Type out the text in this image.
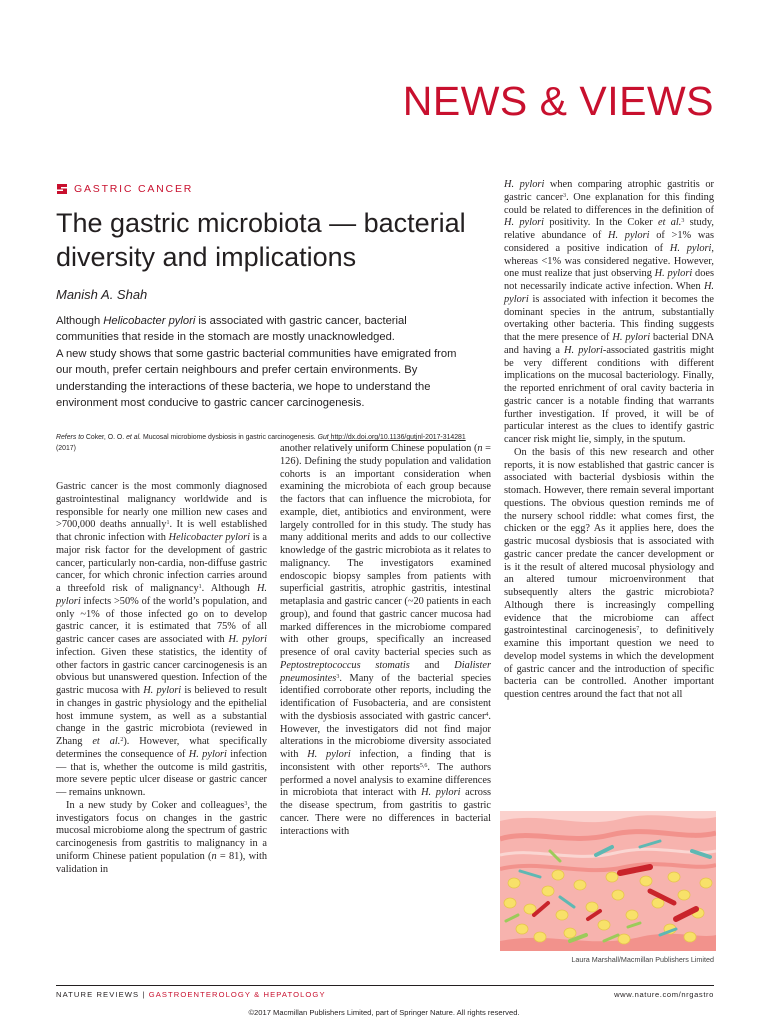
NEWS & VIEWS
GASTRIC CANCER
The gastric microbiota — bacterial diversity and implications
Manish A. Shah

Although Helicobacter pylori is associated with gastric cancer, bacterial communities that reside in the stomach are mostly unacknowledged.

A new study shows that some gastric bacterial communities have emigrated from our mouth, prefer certain neighbours and prefer certain environments. By understanding the interactions of these bacteria, we hope to understand the environment most conducive to gastric cancer carcinogenesis.

Refers to Coker, O. O. et al. Mucosal microbiome dysbiosis in gastric carcinogenesis. Gut http://dx.doi.org/10.1136/gutjnl-2017-314281 (2017)

Gastric cancer is the most commonly diagnosed gastrointestinal malignancy worldwide and is responsible for nearly one million new cases and >700,000 deaths annually$^1$. It is well established that chronic infection with Helicobacter pylori is a major risk factor for the development of gastric cancer, particularly non-cardia, non-diffuse gastric cancer, for which chronic infection carries around a threefold risk of malignancy$^1$. Although H. pylori infects >50% of the world’s population, and only ~1% of those infected go on to develop gastric cancer, it is estimated that 75% of all gastric cancer cases are associated with H. pylori infection. Given these statistics, the identity of other factors in gastric cancer carcinogenesis is an obvious but unanswered question. Infection of the gastric mucosa with H. pylori is believed to result in changes in gastric physiology and the epithelial host immune system, as well as a substantial change in the gastric microbiota (reviewed in Zhang et al.$^2$). However, what specifically determines the consequence of H. pylori infection — that is, whether the outcome is mild gastritis, more severe peptic ulcer disease or gastric cancer — remains unknown.

In a new study by Coker and colleagues$^3$, the investigators focus on changes in the gastric mucosal microbiome along the spectrum of gastric carcinogenesis from gastritis to malignancy in a uniform Chinese patient population (n = 81), with validation in

another relatively uniform Chinese population (n = 126). Defining the study population and validation cohorts is an important consideration when examining the microbiota of each group because the factors that can influence the microbiota, for example, diet, antibiotics and environment, were largely controlled for in this study. The study has many additional merits and adds to our collective knowledge of the gastric microbiota as it relates to malignancy. The investigators examined endoscopic biopsy samples from patients with superficial gastritis, atrophic gastritis, intestinal metaplasia and gastric cancer (~20 patients in each group), and found that gastric cancer mucosa had marked differences in the microbiome compared with other groups, specifically an increased presence of oral cavity bacterial species such as Peptostreptococcus stomatis and Dialister pneumosintes$^3$. Many of the bacterial species identified corroborate other reports, including the identification of Fusobacteria, and are consistent with the dysbiosis associated with gastric cancer$^4$. However, the investigators did not find major alterations in the microbiome diversity associated with H. pylori infection, a finding that is inconsistent with other reports$^{5,6}$. The authors performed a novel analysis to examine differences in microbiota that interact with H. pylori across the disease spectrum, from gastritis to gastric cancer. There were no differences in bacterial interactions with

H. pylori when comparing atrophic gastritis or gastric cancer$^3$. One explanation for this finding could be related to differences in the definition of H. pylori positivity. In the Coker et al.$^3$ study, relative abundance of H. pylori of >1% was considered a positive indication of H. pylori, whereas <1% was considered negative. However, one must realize that just observing H. pylori does not necessarily indicate active infection. When H. pylori is associated with infection it becomes the dominant species in the antrum, substantially overtaking other bacteria. This finding suggests that the mere presence of H. pylori bacterial DNA and having a H. pylori-associated gastritis might be very different conditions with different implications on the mucosal bacteriology. Finally, the reported enrichment of oral cavity bacteria in gastric cancer is a notable finding that warrants further investigation. If proved, it will be of particular interest as the clues to identify gastric cancer risk might lie, simply, in the sputum.

On the basis of this new research and other reports, it is now established that gastric cancer is associated with bacterial dysbiosis within the stomach. However, there remain several important questions. The obvious question reminds me of the nursery school riddle: what comes first, the chicken or the egg? As it applies here, does the gastric mucosal dysbiosis that is associated with gastric cancer predate the cancer development or is it the result of altered mucosal physiology and an altered tumour microenvironment that subsequently alters the gastric microbiota? Although there is increasingly compelling evidence that the microbiome can affect gastrointestinal carcinogenesis$^7$, to definitively examine this important question we need to develop model systems in which the development of gastric cancer and the introduction of specific bacteria can be controlled. Another important question centres around the fact that not all

Laura Marshall/Macmillan Publishers Limited
NATURE REVIEWS | GASTROENTEROLOGY & HEPATOLOGY	www.nature.com/nrgastro
©2017 Macmillan Publishers Limited, part of Springer Nature. All rights reserved.
